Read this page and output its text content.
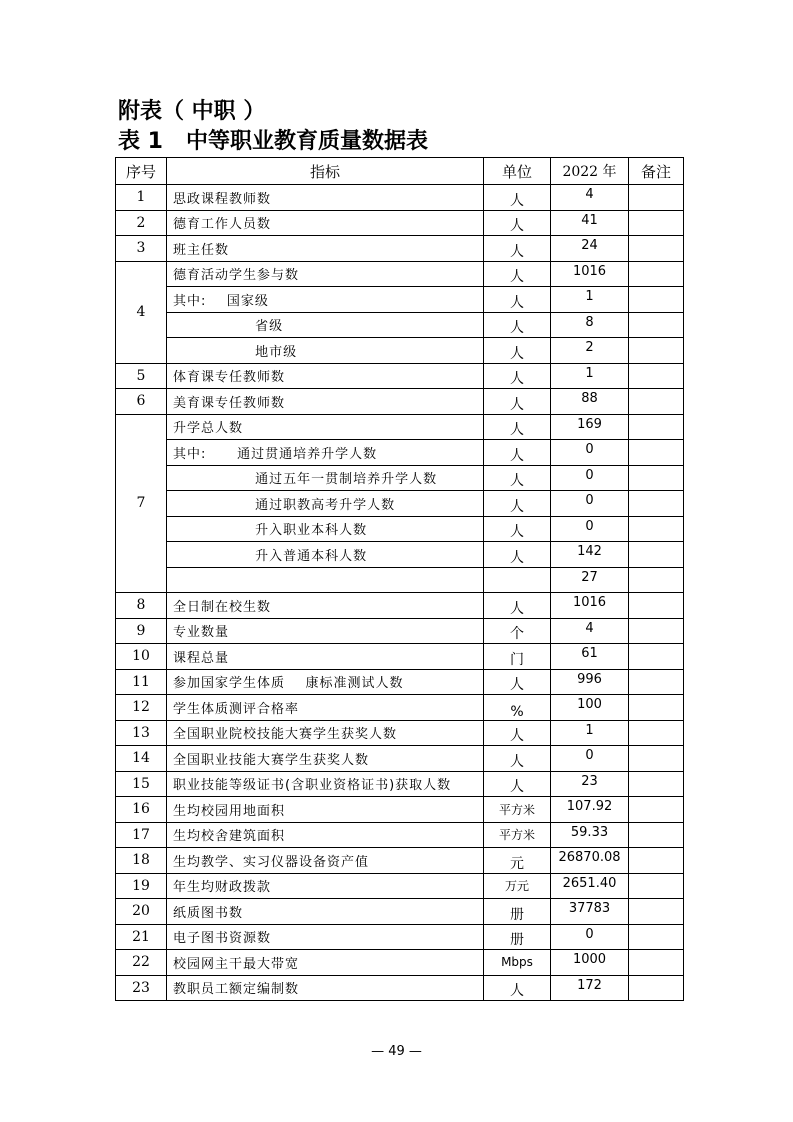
附表（ 中职 ）
表 1   中等职业教育质量数据表
序号	指标	单位	2022 年	备注
1	思政课程教师数	人	4	
2	德育工作人员数	人	41	
3	班主任数	人	24	
4	德育活动学生参与数	人	1016	
	其中:    国家级	人	1	
	省级	人	8	
	地市级	人	2	
5	体育课专任教师数	人	1	
6	美育课专任教师数	人	88	
7	升学总人数	人	169	
	其中:      通过贯通培养升学人数	人	0	
	通过五年一贯制培养升学人数	人	0	
	通过职教高考升学人数	人	0	
	升入职业本科人数	人	0	
	升入普通本科人数	人	142	
			27	
8	全日制在校生数	人	1016	
9	专业数量	个	4	
10	课程总量	门	61	
11	参加国家学生体质    康标准测试人数	人	996	
12	学生体质测评合格率	%	100	
13	全国职业院校技能大赛学生获奖人数	人	1	
14	全国职业技能大赛学生获奖人数	人	0	
15	职业技能等级证书(含职业资格证书)获取人数	人	23	
16	生均校园用地面积	平方米	107.92	
17	生均校舍建筑面积	平方米	59.33	
18	生均教学、实习仪器设备资产值	元	26870.08	
19	年生均财政拨款	万元	2651.40	
20	纸质图书数	册	37783	
21	电子图书资源数	册	0	
22	校园网主干最大带宽	Mbps	1000	
23	教职员工额定编制数	人	172	
— 49 —
